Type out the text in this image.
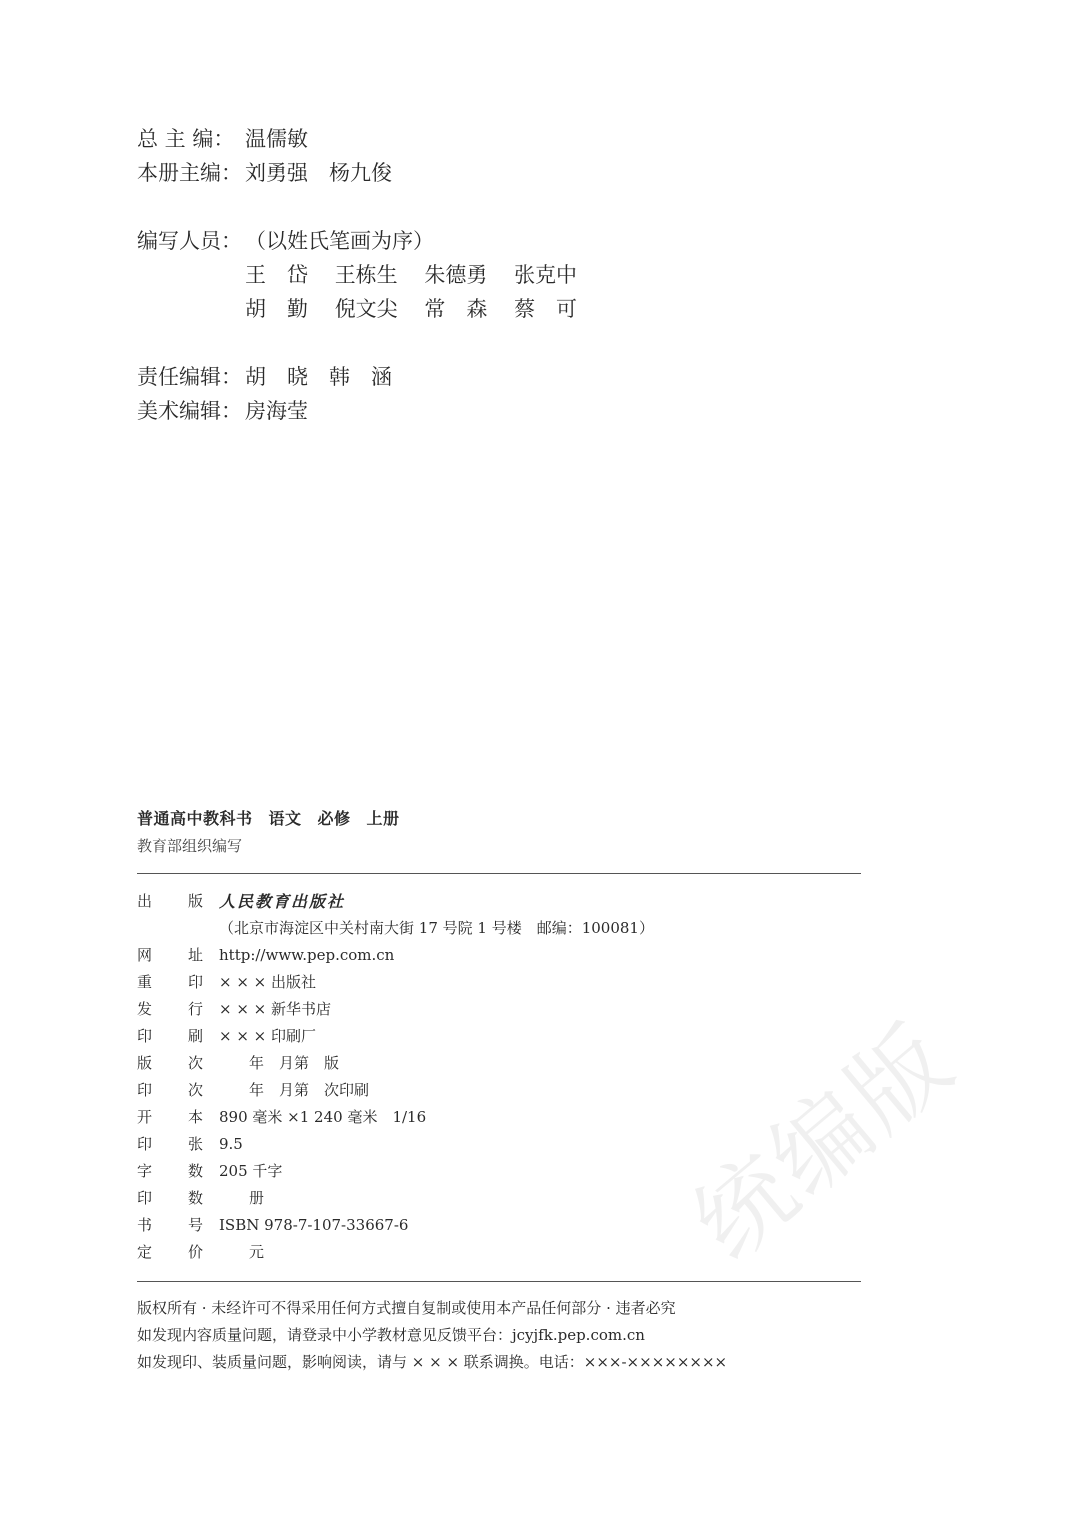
总 主 编： 温儒敏
本册主编： 刘勇强　杨九俊
编写人员： （以姓氏笔画为序）
王　岱 王栋生 朱德勇 张克中
胡　勤 倪文尖 常　森 蔡　可
责任编辑： 胡　晓　韩　涵
美术编辑： 房海莹
普通高中教科书 语文 必修 上册
教育部组织编写
出 版 人民教育出版社
（北京市海淀区中关村南大街 17 号院 1 号楼　邮编：100081）
网 址 http://www.pep.com.cn
重 印 × × × 出版社
发 行 × × × 新华书店
印 刷 × × × 印刷厂
版 次 　　年　月第　版
印 次 　　年　月第　次印刷
开 本 890 毫米 ×1 240 毫米　1/16
印 张 9.5
字 数 205 千字
印 数 　　册
书 号 ISBN 978-7-107-33667-6
定 价 　　元
版权所有 · 未经许可不得采用任何方式擅自复制或使用本产品任何部分 · 违者必究
如发现内容质量问题，请登录中小学教材意见反馈平台：jcyjfk.pep.com.cn
如发现印、装质量问题，影响阅读，请与 × × × 联系调换。电话：×××-××××××××
统编版
